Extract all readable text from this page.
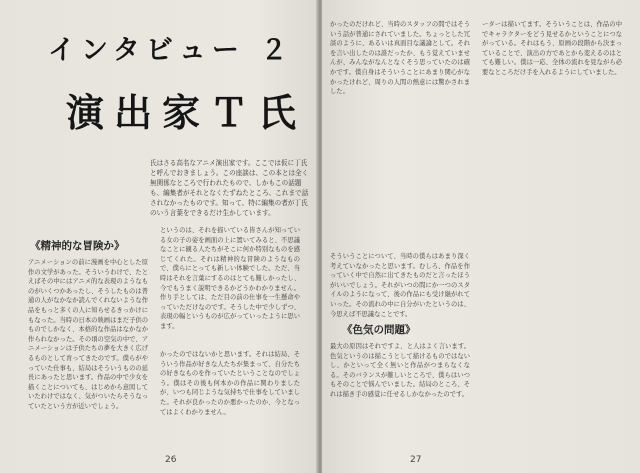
インタビュー ２
演出家Ｔ氏
氏はさる高名なアニメ演出家です。ここでは仮に丁氏と呼んでおきましょう。この座談は、この本とは全く無関係なところで行われたもので、しかもこの話題も、編集者がそれとなくたずねたところ、これまで話されなかったものです。知って、特に編集の者が丁氏のいう言葉をできるだけ生かしています。
《精神的な冒険か》
アニメーションの前に漫画を中心とした原作の文学があった。そういうわけで、たとえばその中にはアニメ的な表現のようなものがいくつかあったし、そうしたものは普通の人がなかなか読んでくれないような作品をもっと多くの人に知らせるきっかけにもなった。当時の日本の映画はまだ子供のものでしかなく、本格的な作品はなかなか作られなかった。その頃の空気の中で、アニメーションは子供たちの夢を大きく広げるものとして育ってきたのです。僕らがやっていた仕事も、結局はそういうものの延長にあったと思います。作品の中で少女を描くことについても、はじめから意図していたわけではなく、気がついたらそうなっていたという方が近いでしょう。
というのは、それを描いている皆さんが知っている女の子の姿を画面の上に置いてみると、不思議なことに観る人たちがそこに何か特別なものを感じてくれた。それは精神的な冒険のようなもので、僕らにとっても新しい体験でした。ただ、当時はそれを言葉にするのはとても難しかったし、今でもうまく説明できるかどうかわかりません。作り手としては、ただ目の前の仕事を一生懸命やっていただけなのです。そうした中で少しずつ、表現の幅というものが広がっていったように思います。
かったのではないかと思います。それは結局、そういう作品が好きな人たちが集まって、自分たちの好きなものを作っていたということなのでしょう。僕はその後も何本かの作品に関わりましたが、いつも同じような気持ちで仕事をしていました。それが良かったのか悪かったのか、今となってはよくわかりません。
26
かったのだけれど、当時のスタッフの間ではそういう話が普通にされていました。ちょっとした冗談のように、あるいは真面目な議論として。それを言い出したのは誰だったか、もう覚えていませんが、みんながなんとなくそう思っていたのは確かです。僕自身はそういうことにあまり関心がなかったけれど、周りの人間の熱意には驚かされました。
そういうことについて、当時の僕らはあまり深く考えていなかったと思います。むしろ、作品を作っていく中で自然に出てきたものだと言ったほうがいいでしょう。それがいつの間にか一つのスタイルのようになって、後の作品にも受け継がれていった。その流れの中に自分がいたというのは、今思えば不思議なことです。
《色気の問題》
最大の原因はそれですよ、と人はよく言います。色気というのは描こうとして描けるものではないし、かといって全く無いと作品がつまらなくなる。そのバランスが難しいところで、僕らはいつもそのことで悩んでいました。結局のところ、それは描き手の感覚に任せるしかなかったのです。
ーターは描いてます。そういうことは、作品の中でキャラクターをどう見せるかということにつながっている。それはもう、原画の段階から決まっていることで、演出の方であとから変えるのはとても難しい。僕は一応、全体の流れを見ながら必要なところだけ手を入れるようにしていました。
27
